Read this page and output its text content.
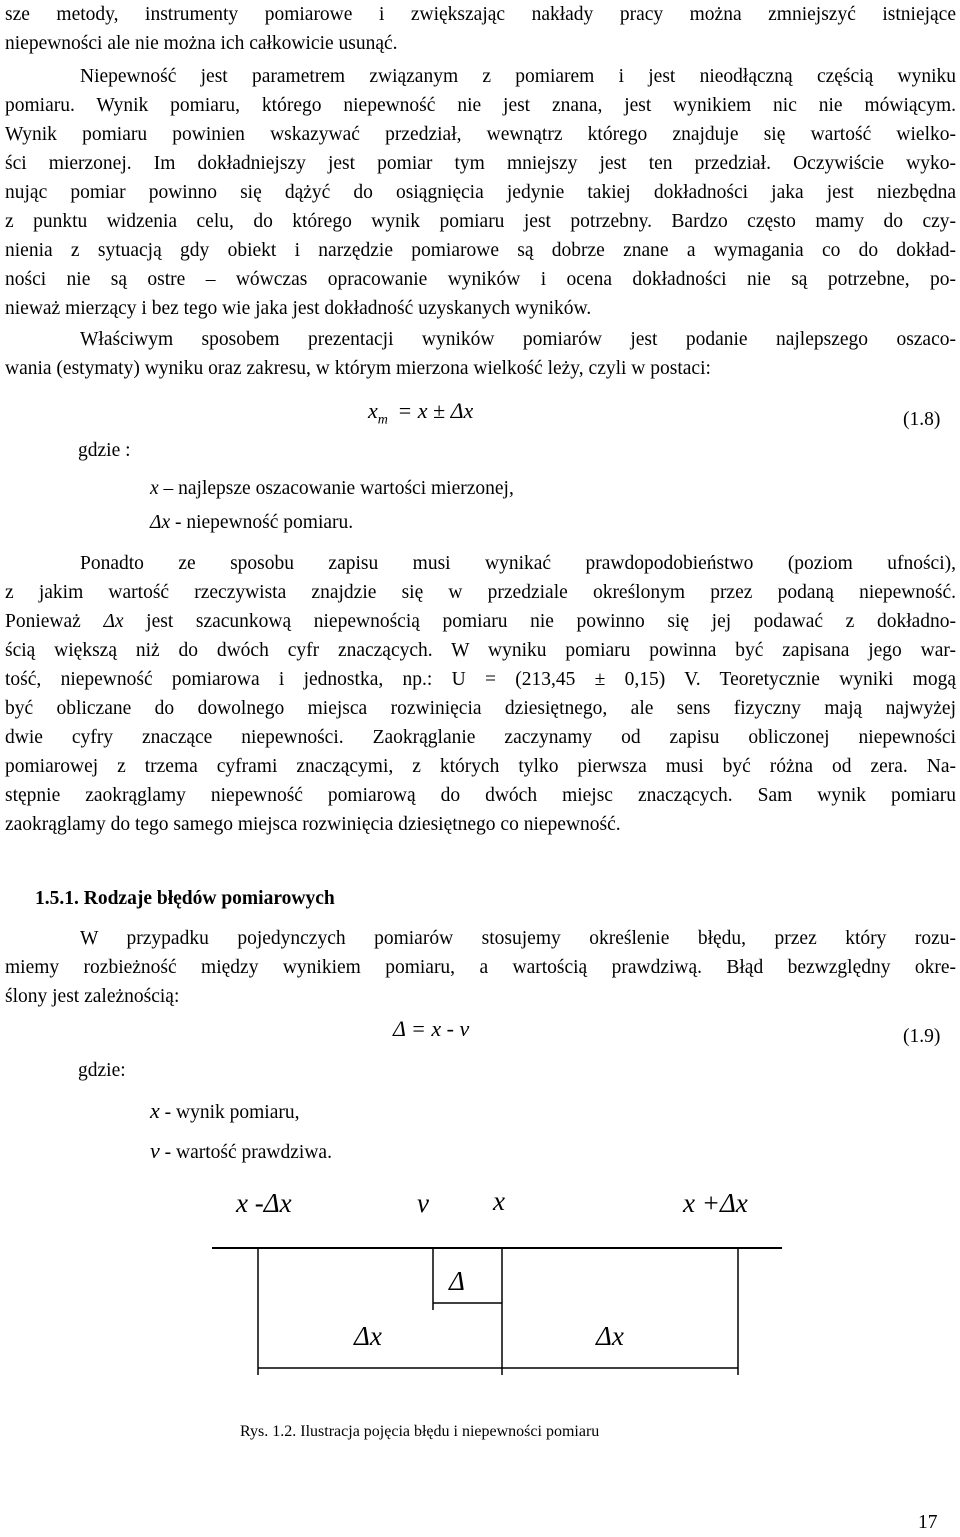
sze metody, instrumenty pomiarowe i zwiększając nakłady pracy można zmniejszyć istniejące
niepewności ale nie można ich całkowicie usunąć.
Niepewność jest parametrem związanym z pomiarem i jest nieodłączną częścią wyniku
pomiaru. Wynik pomiaru, którego niepewność nie jest znana, jest wynikiem nic nie mówiącym.
Wynik pomiaru powinien wskazywać przedział, wewnątrz którego znajduje się wartość wielko-
ści mierzonej. Im dokładniejszy jest pomiar tym mniejszy jest ten przedział. Oczywiście wyko-
nując pomiar powinno się dążyć do osiągnięcia jedynie takiej dokładności jaka jest niezbędna
z punktu widzenia celu, do którego wynik pomiaru jest potrzebny. Bardzo często mamy do czy-
nienia z sytuacją gdy obiekt i narzędzie pomiarowe są dobrze znane a wymagania co do dokład-
ności nie są ostre – wówczas opracowanie wyników i ocena dokładności nie są potrzebne, po-
nieważ mierzący i bez tego wie jaka jest dokładność uzyskanych wyników.
Właściwym sposobem prezentacji wyników pomiarów jest podanie najlepszego oszaco-
wania (estymaty) wyniku oraz zakresu, w którym mierzona wielkość leży, czyli w postaci:
$x_m = x \pm \Delta x$	(1.8)
gdzie :
x – najlepsze oszacowanie wartości mierzonej,
Δx - niepewność pomiaru.
Ponadto ze sposobu zapisu musi wynikać prawdopodobieństwo (poziom ufności),
z jakim wartość rzeczywista znajdzie się w przedziale określonym przez podaną niepewność.
Ponieważ Δx jest szacunkową niepewnością pomiaru nie powinno się jej podawać z dokładno-
ścią większą niż do dwóch cyfr znaczących. W wyniku pomiaru powinna być zapisana jego war-
tość, niepewność pomiarowa i jednostka, np.: U = (213,45 ± 0,15) V. Teoretycznie wyniki mogą
być obliczane do dowolnego miejsca rozwinięcia dziesiętnego, ale sens fizyczny mają najwyżej
dwie cyfry znaczące niepewności. Zaokrąglanie zaczynamy od zapisu obliczonej niepewności
pomiarowej z trzema cyframi znaczącymi, z których tylko pierwsza musi być różna od zera. Na-
stępnie zaokrąglamy niepewność pomiarową do dwóch miejsc znaczących. Sam wynik pomiaru
zaokrąglamy do tego samego miejsca rozwinięcia dziesiętnego co niepewność.
1.5.1. Rodzaje błędów pomiarowych
W przypadku pojedynczych pomiarów stosujemy określenie błędu, przez który rozu-
miemy rozbieżność między wynikiem pomiaru, a wartością prawdziwą. Błąd bezwzględny okre-
ślony jest zależnością:
Δ = x - ν	(1.9)
gdzie:
x - wynik pomiaru,
ν - wartość prawdziwa.
x -Δx	ν x	x +Δx
Δ
Δx	Δx
Rys. 1.2. Ilustracja pojęcia błędu i niepewności pomiaru
17
